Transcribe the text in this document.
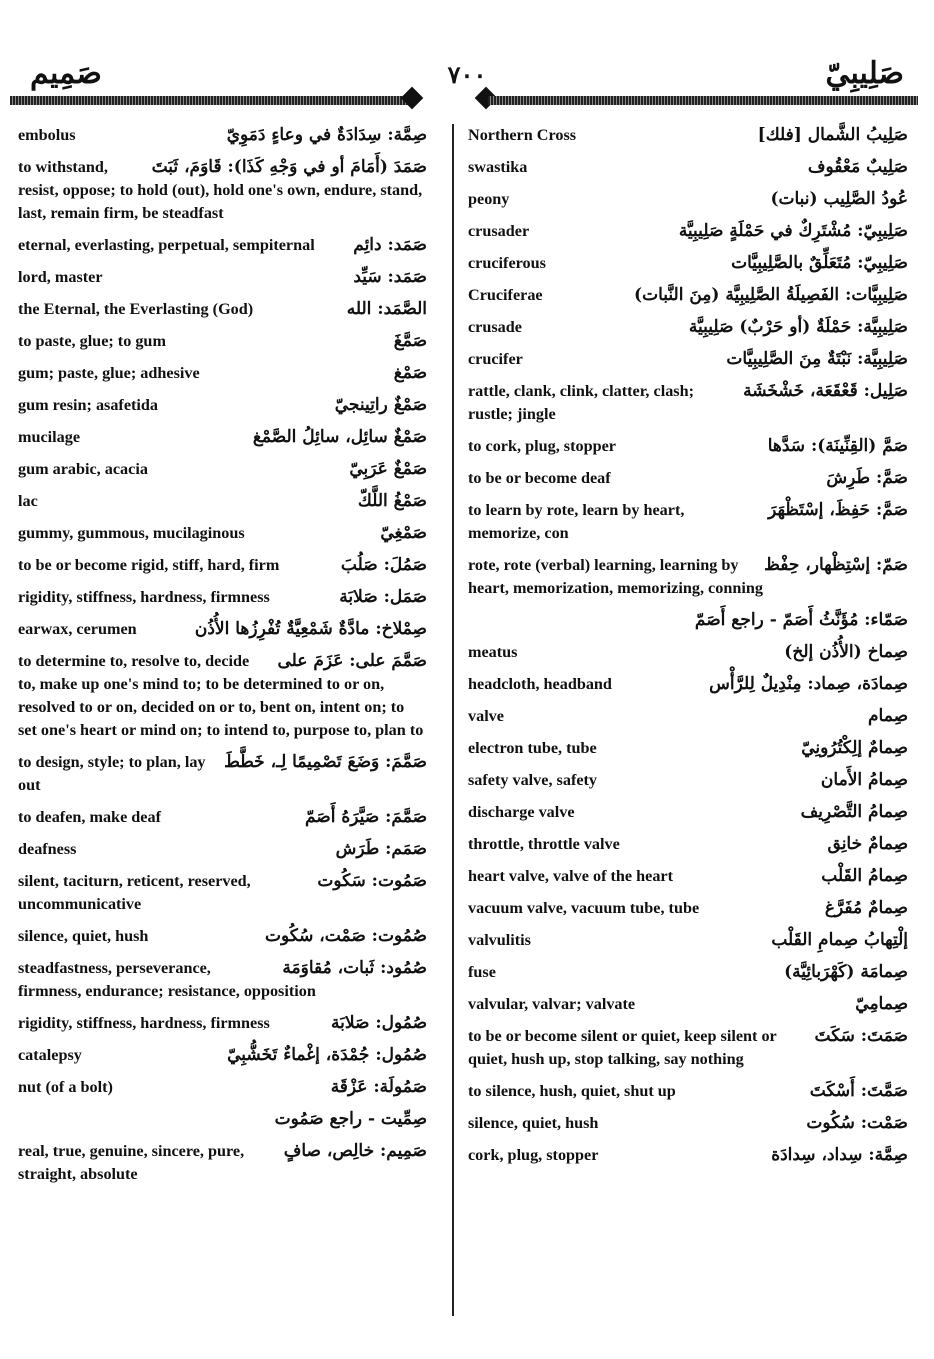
صَمِيم	٧٠٠	صَلِيبِيّ
صِمَّة: سِدَادَةٌ في وعاءٍ دَمَوِيّ
embolus
صَمَدَ (أَمَامَ أو في وَجْهِ كَذَا): قَاوَمَ، ثَبَتَ
to withstand, resist, oppose; to hold (out), hold one's own, endure, stand, last, remain firm, be steadfast
صَمَد: دائِم
eternal, everlasting, perpetual, sempiternal
صَمَد: سَيِّد
lord, master
الصَّمَد: الله
the Eternal, the Everlasting (God)
صَمَّغَ
to paste, glue; to gum
صَمْغ
gum; paste, glue; adhesive
صَمْغٌ راتِينجيّ
gum resin; asafetida
صَمْغٌ سائِل، سائِلُ الصَّمْغ
mucilage
صَمْغٌ عَرَبِيّ
gum arabic, acacia
صَمْغُ اللَّكّ
lac
صَمْغِيّ
gummy, gummous, mucilaginous
صَمُلَ: صَلُبَ
to be or become rigid, stiff, hard, firm
صَمَل: صَلابَة
rigidity, stiffness, hardness, firmness
صِمْلاخ: مادَّةٌ شَمْعِيَّةٌ تُفْرِزُها الأُذُن
earwax, cerumen
صَمَّمَ على: عَزَمَ على
to determine to, resolve to, decide to, make up one's mind to; to be determined to or on, resolved to or on, decided on or to, bent on, intent on; to set one's heart or mind on; to intend to, purpose to, plan to
صَمَّمَ: وَضَعَ تَصْمِيمًا لِـ، خَطَّطَ
to design, style; to plan, lay out
صَمَّمَ: صَيَّرَهُ أَصَمّ
to deafen, make deaf
صَمَم: طَرَش
deafness
صَمُوت: سَكُوت
silent, taciturn, reticent, reserved, uncommunicative
صُمُوت: صَمْت، سُكُوت
silence, quiet, hush
صُمُود: ثَبات، مُقاوَمَة
steadfastness, perseverance, firmness, endurance; resistance, opposition
صُمُول: صَلابَة
rigidity, stiffness, hardness, firmness
صُمُول: جُمْدَة، إغْماءٌ تَخَشُّبِيّ
catalepsy
صَمُولَة: عَزْقَة
nut (of a bolt)
صِمِّيت - راجع صَمُوت
صَمِيم: خالِص، صافٍ
real, true, genuine, sincere, pure, straight, absolute
صَلِيبُ الشَّمال [فلك]
Northern Cross
صَلِيبٌ مَعْقُوف
swastika
عُودُ الصَّلِيب (نبات)
peony
صَلِيبِيّ: مُشْتَرِكٌ في حَمْلَةٍ صَلِيبِيَّة
crusader
صَلِيبِيّ: مُتَعَلِّقٌ بالصَّلِيبِيَّات
cruciferous
صَلِيبِيَّات: الفَصِيلَةُ الصَّلِيبِيَّة (مِنَ النَّبات)
Cruciferae
صَلِيبِيَّة: حَمْلَةٌ (أو حَرْبٌ) صَلِيبِيَّة
crusade
صَلِيبِيَّة: نَبْتَةٌ مِنَ الصَّلِيبِيَّات
crucifer
صَلِيل: قَعْقَعَة، خَشْخَشَة
rattle, clank, clink, clatter, clash; rustle; jingle
صَمَّ (القِنِّينَة): سَدَّها
to cork, plug, stopper
صَمَّ: طَرِشَ
to be or become deaf
صَمَّ: حَفِظَ، إسْتَظْهَرَ
to learn by rote, learn by heart, memorize, con
صَمّ: إسْتِظْهار، حِفْظ
rote, rote (verbal) learning, learning by heart, memorization, memorizing, conning
صَمّاء: مُؤَنَّثُ أَصَمّ - راجع أَصَمّ
صِماخ (الأُذُن إلخ)
meatus
صِمادَة، صِماد: مِنْدِيلٌ لِلرَّأْس
headcloth, headband
صِمام
valve
صِمامٌ إلِكْتُرُونِيّ
electron tube, tube
صِمامُ الأَمان
safety valve, safety
صِمامُ التَّصْرِيف
discharge valve
صِمامٌ خانِق
throttle, throttle valve
صِمامُ القَلْب
heart valve, valve of the heart
صِمامٌ مُفَرَّغ
vacuum valve, vacuum tube, tube
إلْتِهابُ صِمامِ القَلْب
valvulitis
صِمامَة (كَهْرَبائِيَّة)
fuse
صِمامِيّ
valvular, valvar; valvate
صَمَتَ: سَكَتَ
to be or become silent or quiet, keep silent or quiet, hush up, stop talking, say nothing
صَمَّتَ: أَسْكَتَ
to silence, hush, quiet, shut up
صَمْت: سُكُوت
silence, quiet, hush
صِمَّة: سِداد، سِدادَة
cork, plug, stopper
